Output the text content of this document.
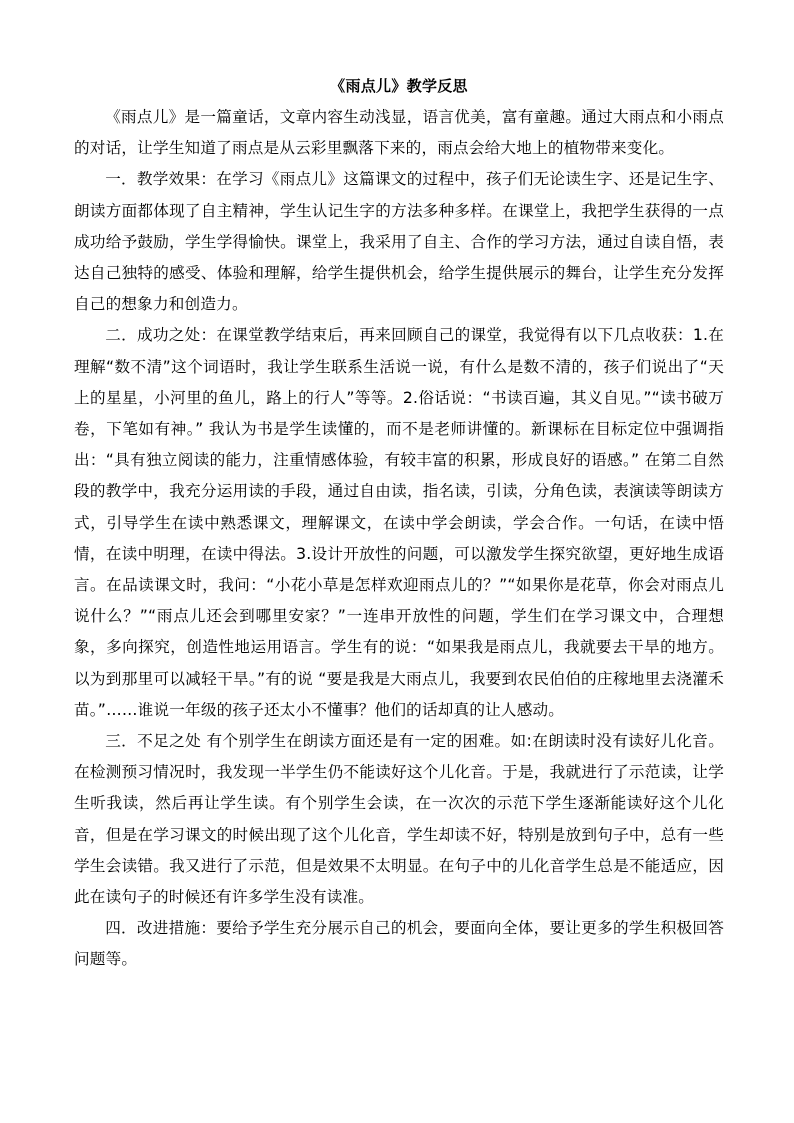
《雨点儿》教学反思

《雨点儿》是一篇童话，文章内容生动浅显，语言优美，富有童趣。通过大雨点和小雨点的对话，让学生知道了雨点是从云彩里飘落下来的，雨点会给大地上的植物带来变化。

一．教学效果：在学习《雨点儿》这篇课文的过程中，孩子们无论读生字、还是记生字、朗读方面都体现了自主精神，学生认记生字的方法多种多样。在课堂上，我把学生获得的一点成功给予鼓励，学生学得愉快。课堂上，我采用了自主、合作的学习方法，通过自读自悟，表达自己独特的感受、体验和理解，给学生提供机会，给学生提供展示的舞台，让学生充分发挥自己的想象力和创造力。

二．成功之处：在课堂教学结束后，再来回顾自己的课堂，我觉得有以下几点收获：1.在理解“数不清”这个词语时，我让学生联系生活说一说，有什么是数不清的，孩子们说出了“天上的星星，小河里的鱼儿，路上的行人”等等。2.俗话说：“书读百遍，其义自见。”“读书破万卷，下笔如有神。” 我认为书是学生读懂的，而不是老师讲懂的。新课标在目标定位中强调指出：“具有独立阅读的能力，注重情感体验，有较丰富的积累，形成良好的语感。” 在第二自然段的教学中，我充分运用读的手段，通过自由读，指名读，引读，分角色读，表演读等朗读方式，引导学生在读中熟悉课文，理解课文，在读中学会朗读，学会合作。一句话，在读中悟情，在读中明理，在读中得法。3.设计开放性的问题，可以激发学生探究欲望，更好地生成语言。在品读课文时，我问：“小花小草是怎样欢迎雨点儿的？”“如果你是花草，你会对雨点儿说什么？”“雨点儿还会到哪里安家？”一连串开放性的问题，学生们在学习课文中，合理想象，多向探究，创造性地运用语言。学生有的说：“如果我是雨点儿，我就要去干旱的地方。以为到那里可以减轻干旱。”有的说 “要是我是大雨点儿，我要到农民伯伯的庄稼地里去浇灌禾苗。”……谁说一年级的孩子还太小不懂事？他们的话却真的让人感动。

三．不足之处 有个别学生在朗读方面还是有一定的困难。如:在朗读时没有读好儿化音。在检测预习情况时，我发现一半学生仍不能读好这个儿化音。于是，我就进行了示范读，让学生听我读，然后再让学生读。有个别学生会读，在一次次的示范下学生逐渐能读好这个儿化音，但是在学习课文的时候出现了这个儿化音，学生却读不好，特别是放到句子中，总有一些学生会读错。我又进行了示范，但是效果不太明显。在句子中的儿化音学生总是不能适应，因此在读句子的时候还有许多学生没有读准。

四．改进措施：要给予学生充分展示自己的机会，要面向全体，要让更多的学生积极回答问题等。
